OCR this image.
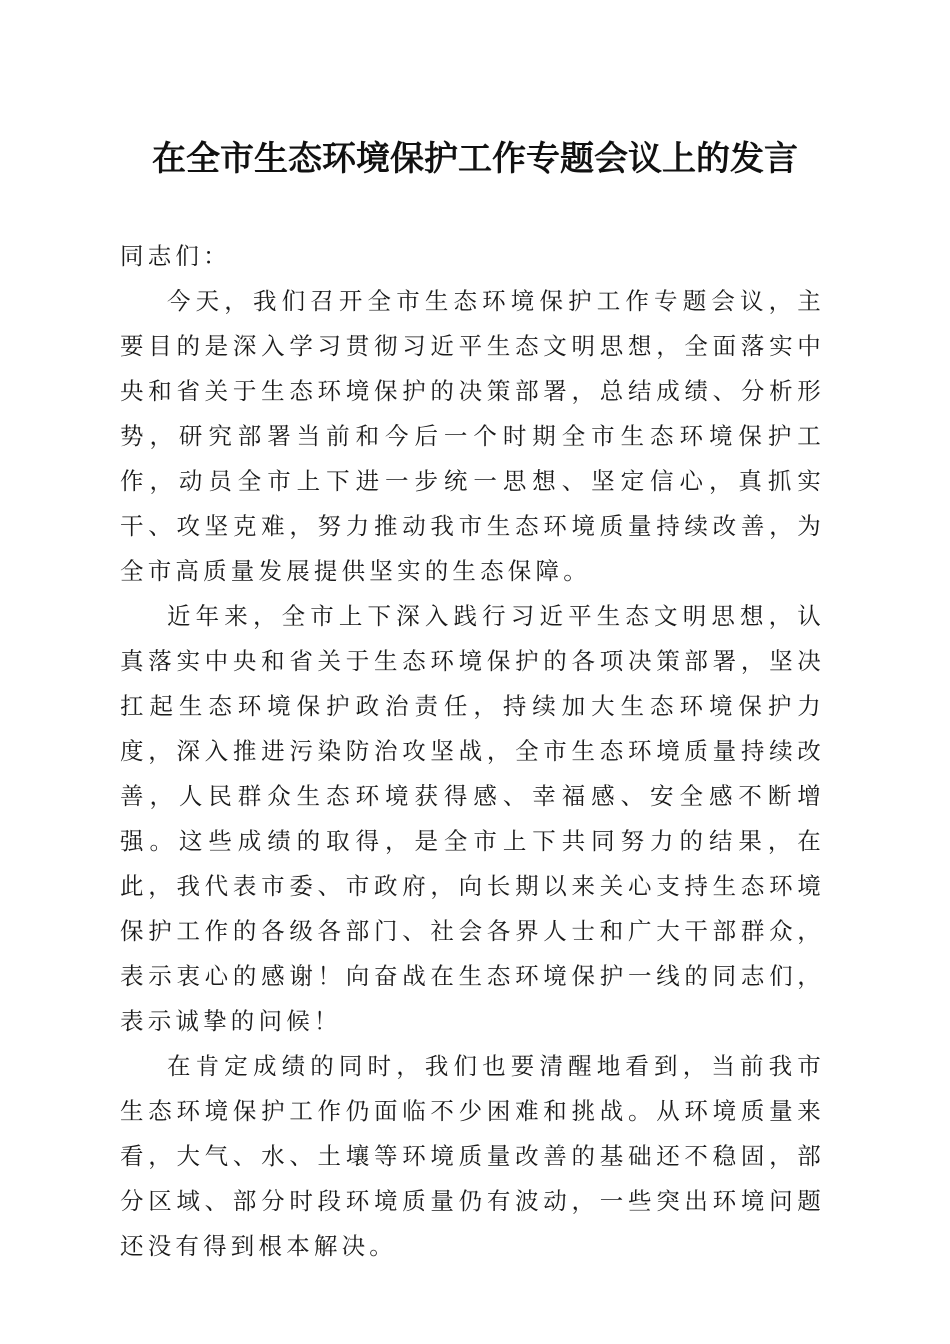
在全市生态环境保护工作专题会议上的发言

同志们：

今天，我们召开全市生态环境保护工作专题会议，主要目的是深入学习贯彻习近平生态文明思想，全面落实中央和省关于生态环境保护的决策部署，总结成绩、分析形势，研究部署当前和今后一个时期全市生态环境保护工作，动员全市上下进一步统一思想、坚定信心，真抓实干、攻坚克难，努力推动我市生态环境质量持续改善，为全市高质量发展提供坚实的生态保障。

近年来，全市上下深入践行习近平生态文明思想，认真落实中央和省关于生态环境保护的各项决策部署，坚决扛起生态环境保护政治责任，持续加大生态环境保护力度，深入推进污染防治攻坚战，全市生态环境质量持续改善，人民群众生态环境获得感、幸福感、安全感不断增强。这些成绩的取得，是全市上下共同努力的结果，在此，我代表市委、市政府，向长期以来关心支持生态环境保护工作的各级各部门、社会各界人士和广大干部群众，表示衷心的感谢！向奋战在生态环境保护一线的同志们，表示诚挚的问候！

在肯定成绩的同时，我们也要清醒地看到，当前我市生态环境保护工作仍面临不少困难和挑战。从环境质量来看，大气、水、土壤等环境质量改善的基础还不稳固，部分区域、部分时段环境质量仍有波动，一些突出环境问题还没有得到根本解决。
